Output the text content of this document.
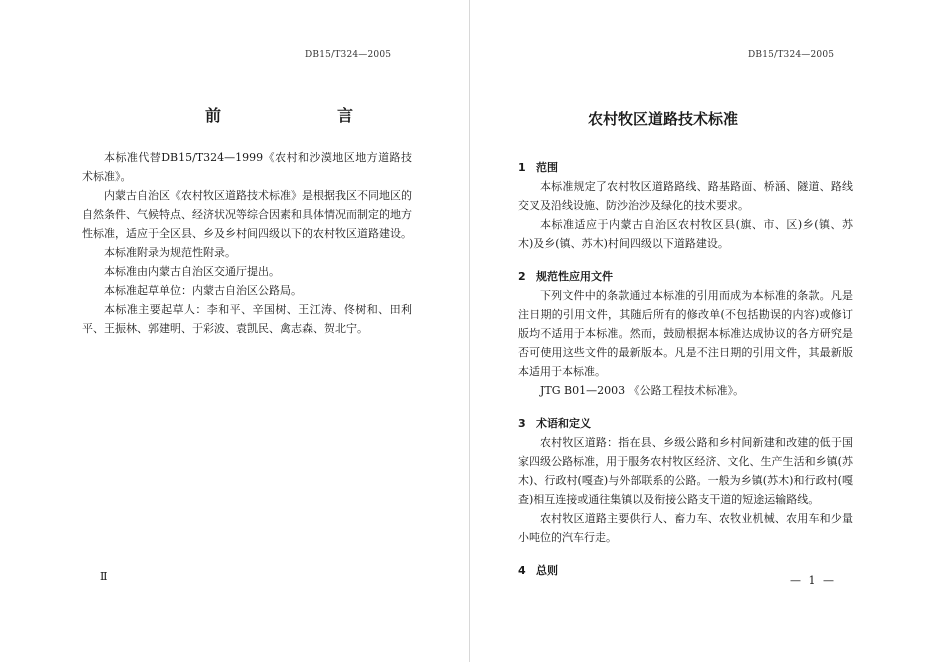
DB15/T324—2005
前　言

本标准代替DB15/T324—1999《农村和沙漠地区地方道路技术标准》。

内蒙古自治区《农村牧区道路技术标准》是根据我区不同地区的自然条件、气候特点、经济状况等综合因素和具体情况而制定的地方性标准，适应于全区县、乡及乡村间四级以下的农村牧区道路建设。

本标准附录为规范性附录。

本标准由内蒙古自治区交通厅提出。

本标准起草单位：内蒙古自治区公路局。

本标准主要起草人：李和平、辛国树、王江涛、佟树和、田利平、王振林、郭建明、于彩波、袁凯民、禽志森、贺北宁。

Ⅱ
DB15/T324—2005
农村牧区道路技术标准
1 范围

本标准规定了农村牧区道路路线、路基路面、桥涵、隧道、路线交叉及沿线设施、防沙治沙及绿化的技术要求。

本标准适应于内蒙古自治区农村牧区县(旗、市、区)乡(镇、苏木)及乡(镇、苏木)村间四级以下道路建设。

2 规范性应用文件

下列文件中的条款通过本标准的引用而成为本标准的条款。凡是注日期的引用文件，其随后所有的修改单(不包括勘误的内容)或修订版均不适用于本标准。然而，鼓励根据本标准达成协议的各方研究是否可使用这些文件的最新版本。凡是不注日期的引用文件，其最新版本适用于本标准。

JTG B01—2003 《公路工程技术标准》。

3 术语和定义

农村牧区道路：指在县、乡级公路和乡村间新建和改建的低于国家四级公路标准，用于服务农村牧区经济、文化、生产生活和乡镇(苏木)、行政村(嘎查)与外部联系的公路。一般为乡镇(苏木)和行政村(嘎查)相互连接或通往集镇以及衔接公路支干道的短途运输路线。

农村牧区道路主要供行人、畜力车、农牧业机械、农用车和少量小吨位的汽车行走。

4 总则
— 1 —
